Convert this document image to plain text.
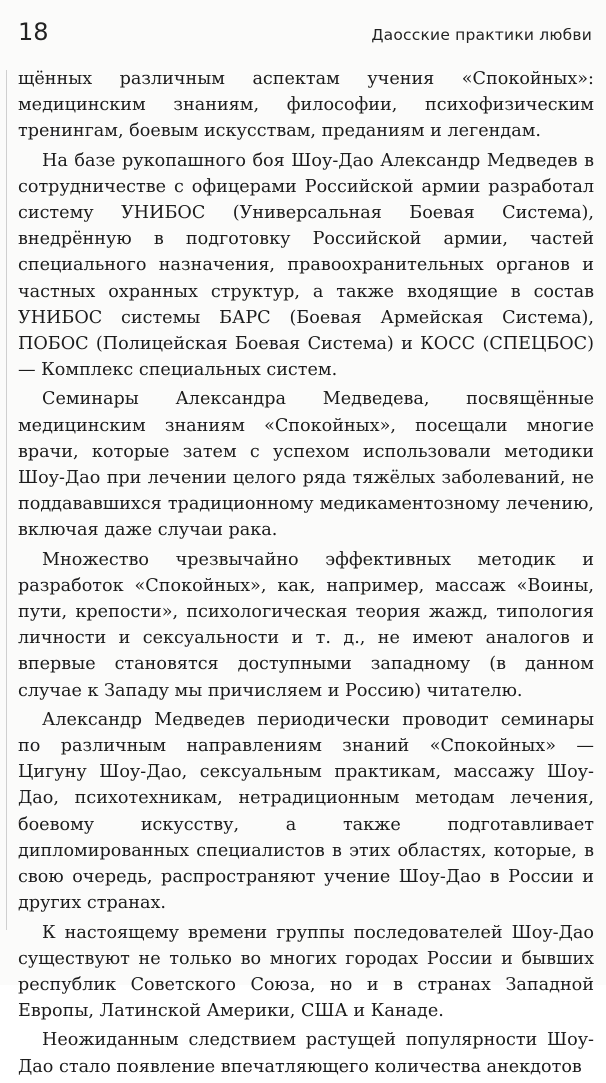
18	Даосские практики любви

щённых различным аспектам учения «Спокойных»: медицинским знаниям, философии, психофизическим тренингам, боевым искусствам, преданиям и легендам.

На базе рукопашного боя Шоу-Дао Александр Медведев в сотрудничестве с офицерами Российской армии разработал систему УНИБОС (Универсальная Боевая Система), внедрённую в подготовку Российской армии, частей специального назначения, правоохранительных органов и частных охранных структур, а также входящие в состав УНИБОС системы БАРС (Боевая Армейская Система), ПОБОС (Полицейская Боевая Система) и КОСС (СПЕЦБОС) — Комплекс специальных систем.

Семинары Александра Медведева, посвящённые медицинским знаниям «Спокойных», посещали многие врачи, которые затем с успехом использовали методики Шоу-Дао при лечении целого ряда тяжёлых заболеваний, не поддававшихся традиционному медикаментозному лечению, включая даже случаи рака.

Множество чрезвычайно эффективных методик и разработок «Спокойных», как, например, массаж «Воины, пути, крепости», психологическая теория жажд, типология личности и сексуальности и т. д., не имеют аналогов и впервые становятся доступными западному (в данном случае к Западу мы причисляем и Россию) читателю.

Александр Медведев периодически проводит семинары по различным направлениям знаний «Спокойных» — Цигуну Шоу-Дао, сексуальным практикам, массажу Шоу-Дао, психотехникам, нетрадиционным методам лечения, боевому искусству, а также подготавливает дипломированных специалистов в этих областях, которые, в свою очередь, распространяют учение Шоу-Дао в России и других странах.

К настоящему времени группы последователей Шоу-Дао существуют не только во многих городах России и бывших республик Советского Союза, но и в странах Западной Европы, Латинской Америки, США и Канаде.

Неожиданным следствием растущей популярности Шоу-Дао стало появление впечатляющего количества анекдотов
